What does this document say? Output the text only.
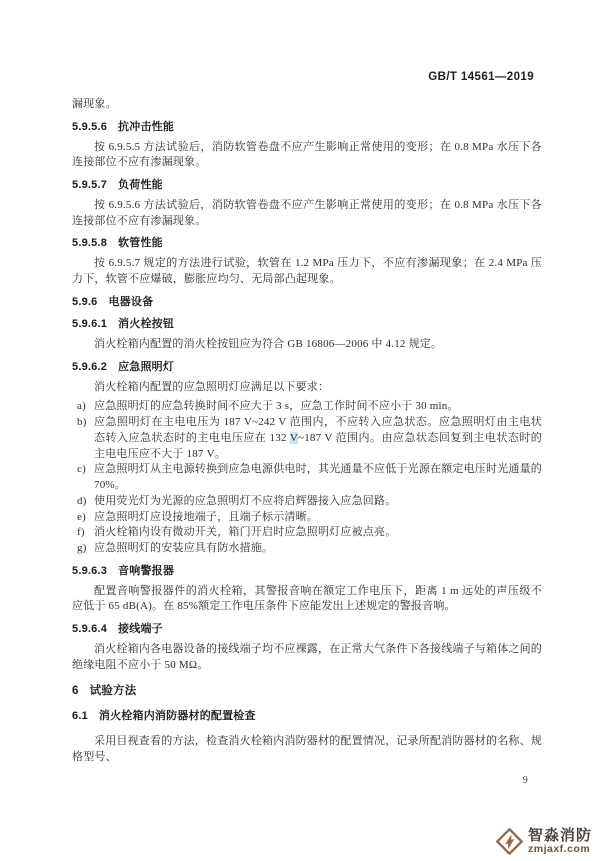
GB/T 14561—2019

漏现象。

5.9.5.6 抗冲击性能

按 6.9.5.5 方法试验后，消防软管卷盘不应产生影响正常使用的变形；在 0.8 MPa 水压下各连接部位不应有渗漏现象。

5.9.5.7 负荷性能

按 6.9.5.6 方法试验后，消防软管卷盘不应产生影响正常使用的变形；在 0.8 MPa 水压下各连接部位不应有渗漏现象。

5.9.5.8 软管性能

按 6.9.5.7 规定的方法进行试验，软管在 1.2 MPa 压力下，不应有渗漏现象；在 2.4 MPa 压力下，软管不应爆破，膨胀应均匀、无局部凸起现象。

5.9.6 电器设备
5.9.6.1 消火栓按钮

消火栓箱内配置的消火栓按钮应为符合 GB 16806—2006 中 4.12 规定。

5.9.6.2 应急照明灯

消火栓箱内配置的应急照明灯应满足以下要求：

a) 应急照明灯的应急转换时间不应大于 3 s，应急工作时间不应小于 30 min。
b) 应急照明灯在主电电压为 187 V~242 V 范围内，不应转入应急状态。应急照明灯由主电状态转入应急状态时的主电电压应在 132 V~187 V 范围内。由应急状态回复到主电状态时的主电电压应不大于 187 V。
c) 应急照明灯从主电源转换到应急电源供电时，其光通量不应低于光源在额定电压时光通量的 70%。
d) 使用荧光灯为光源的应急照明灯不应将启辉器接入应急回路。
e) 应急照明灯应设接地端子，且端子标示清晰。
f) 消火栓箱内设有微动开关，箱门开启时应急照明灯应被点亮。
g) 应急照明灯的安装应具有防水措施。
5.9.6.3 音响警报器

配置音响警报器件的消火栓箱，其警报音响在额定工作电压下，距离 1 m 远处的声压级不应低于 65 dB(A)。在 85%额定工作电压条件下应能发出上述规定的警报音响。

5.9.6.4 接线端子

消火栓箱内各电器设备的接线端子均不应裸露，在正常大气条件下各接线端子与箱体之间的绝缘电阻不应小于 50 MΩ。

6 试验方法
6.1 消火栓箱内消防器材的配置检查

采用目视查看的方法，检查消火栓箱内消防器材的配置情况，记录所配消防器材的名称、规格型号、

9
智淼消防
zmjaxf.com
